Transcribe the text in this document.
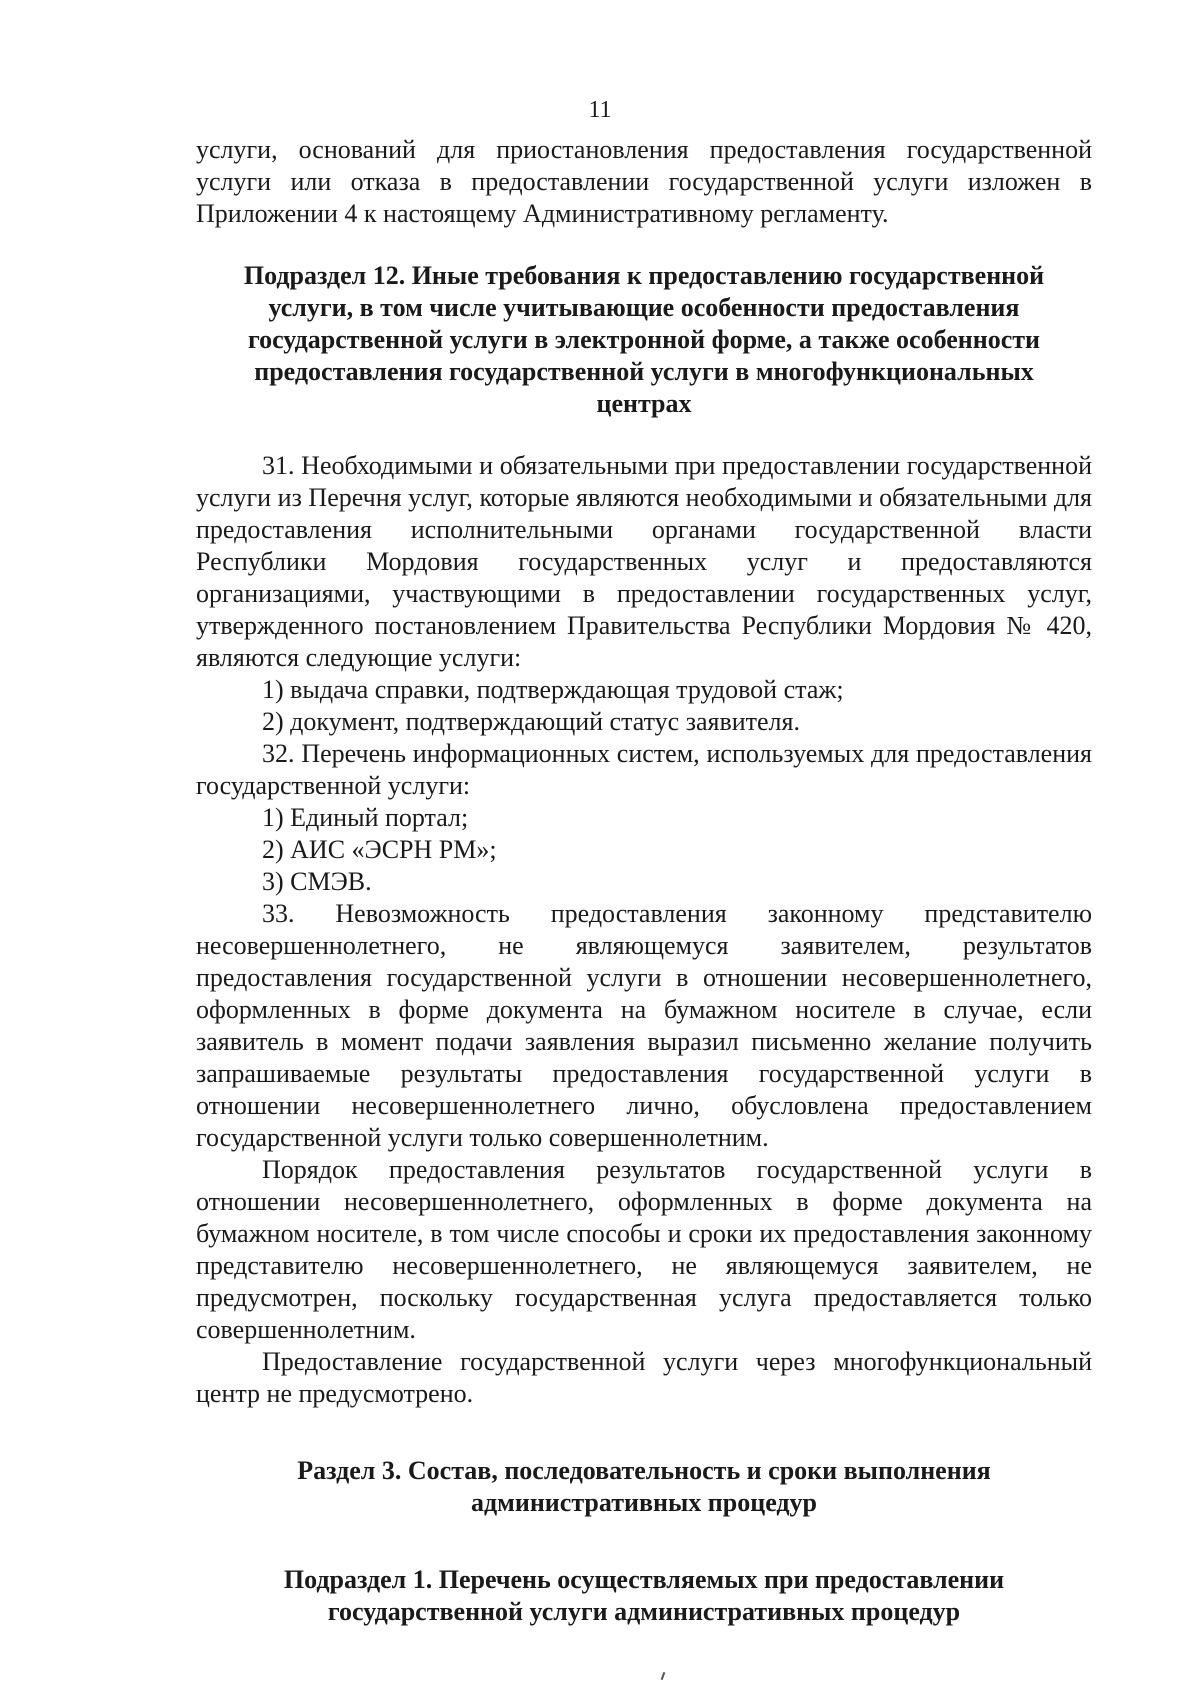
11

услуги, оснований для приостановления предоставления государственной услуги или отказа в предоставлении государственной услуги изложен в Приложении 4 к настоящему Административному регламенту.

Подраздел 12. Иные требования к предоставлению государственной услуги, в том числе учитывающие особенности предоставления государственной услуги в электронной форме, а также особенности предоставления государственной услуги в многофункциональных центрах

31. Необходимыми и обязательными при предоставлении государственной услуги из Перечня услуг, которые являются необходимыми и обязательными для предоставления исполнительными органами государственной власти Республики Мордовия государственных услуг и предоставляются организациями, участвующими в предоставлении государственных услуг, утвержденного постановлением Правительства Республики Мордовия № 420, являются следующие услуги:

1) выдача справки, подтверждающая трудовой стаж;

2) документ, подтверждающий статус заявителя.

32. Перечень информационных систем, используемых для предоставления государственной услуги:

1) Единый портал;

2) АИС «ЭСРН РМ»;

3) СМЭВ.

33. Невозможность предоставления законному представителю несовершеннолетнего, не являющемуся заявителем, результатов предоставления государственной услуги в отношении несовершеннолетнего, оформленных в форме документа на бумажном носителе в случае, если заявитель в момент подачи заявления выразил письменно желание получить запрашиваемые результаты предоставления государственной услуги в отношении несовершеннолетнего лично, обусловлена предоставлением государственной услуги только совершеннолетним.

Порядок предоставления результатов государственной услуги в отношении несовершеннолетнего, оформленных в форме документа на бумажном носителе, в том числе способы и сроки их предоставления законному представителю несовершеннолетнего, не являющемуся заявителем, не предусмотрен, поскольку государственная услуга предоставляется только совершеннолетним.

Предоставление государственной услуги через многофункциональный центр не предусмотрено.

Раздел 3. Состав, последовательность и сроки выполнения административных процедур

Подраздел 1. Перечень осуществляемых при предоставлении государственной услуги административных процедур
